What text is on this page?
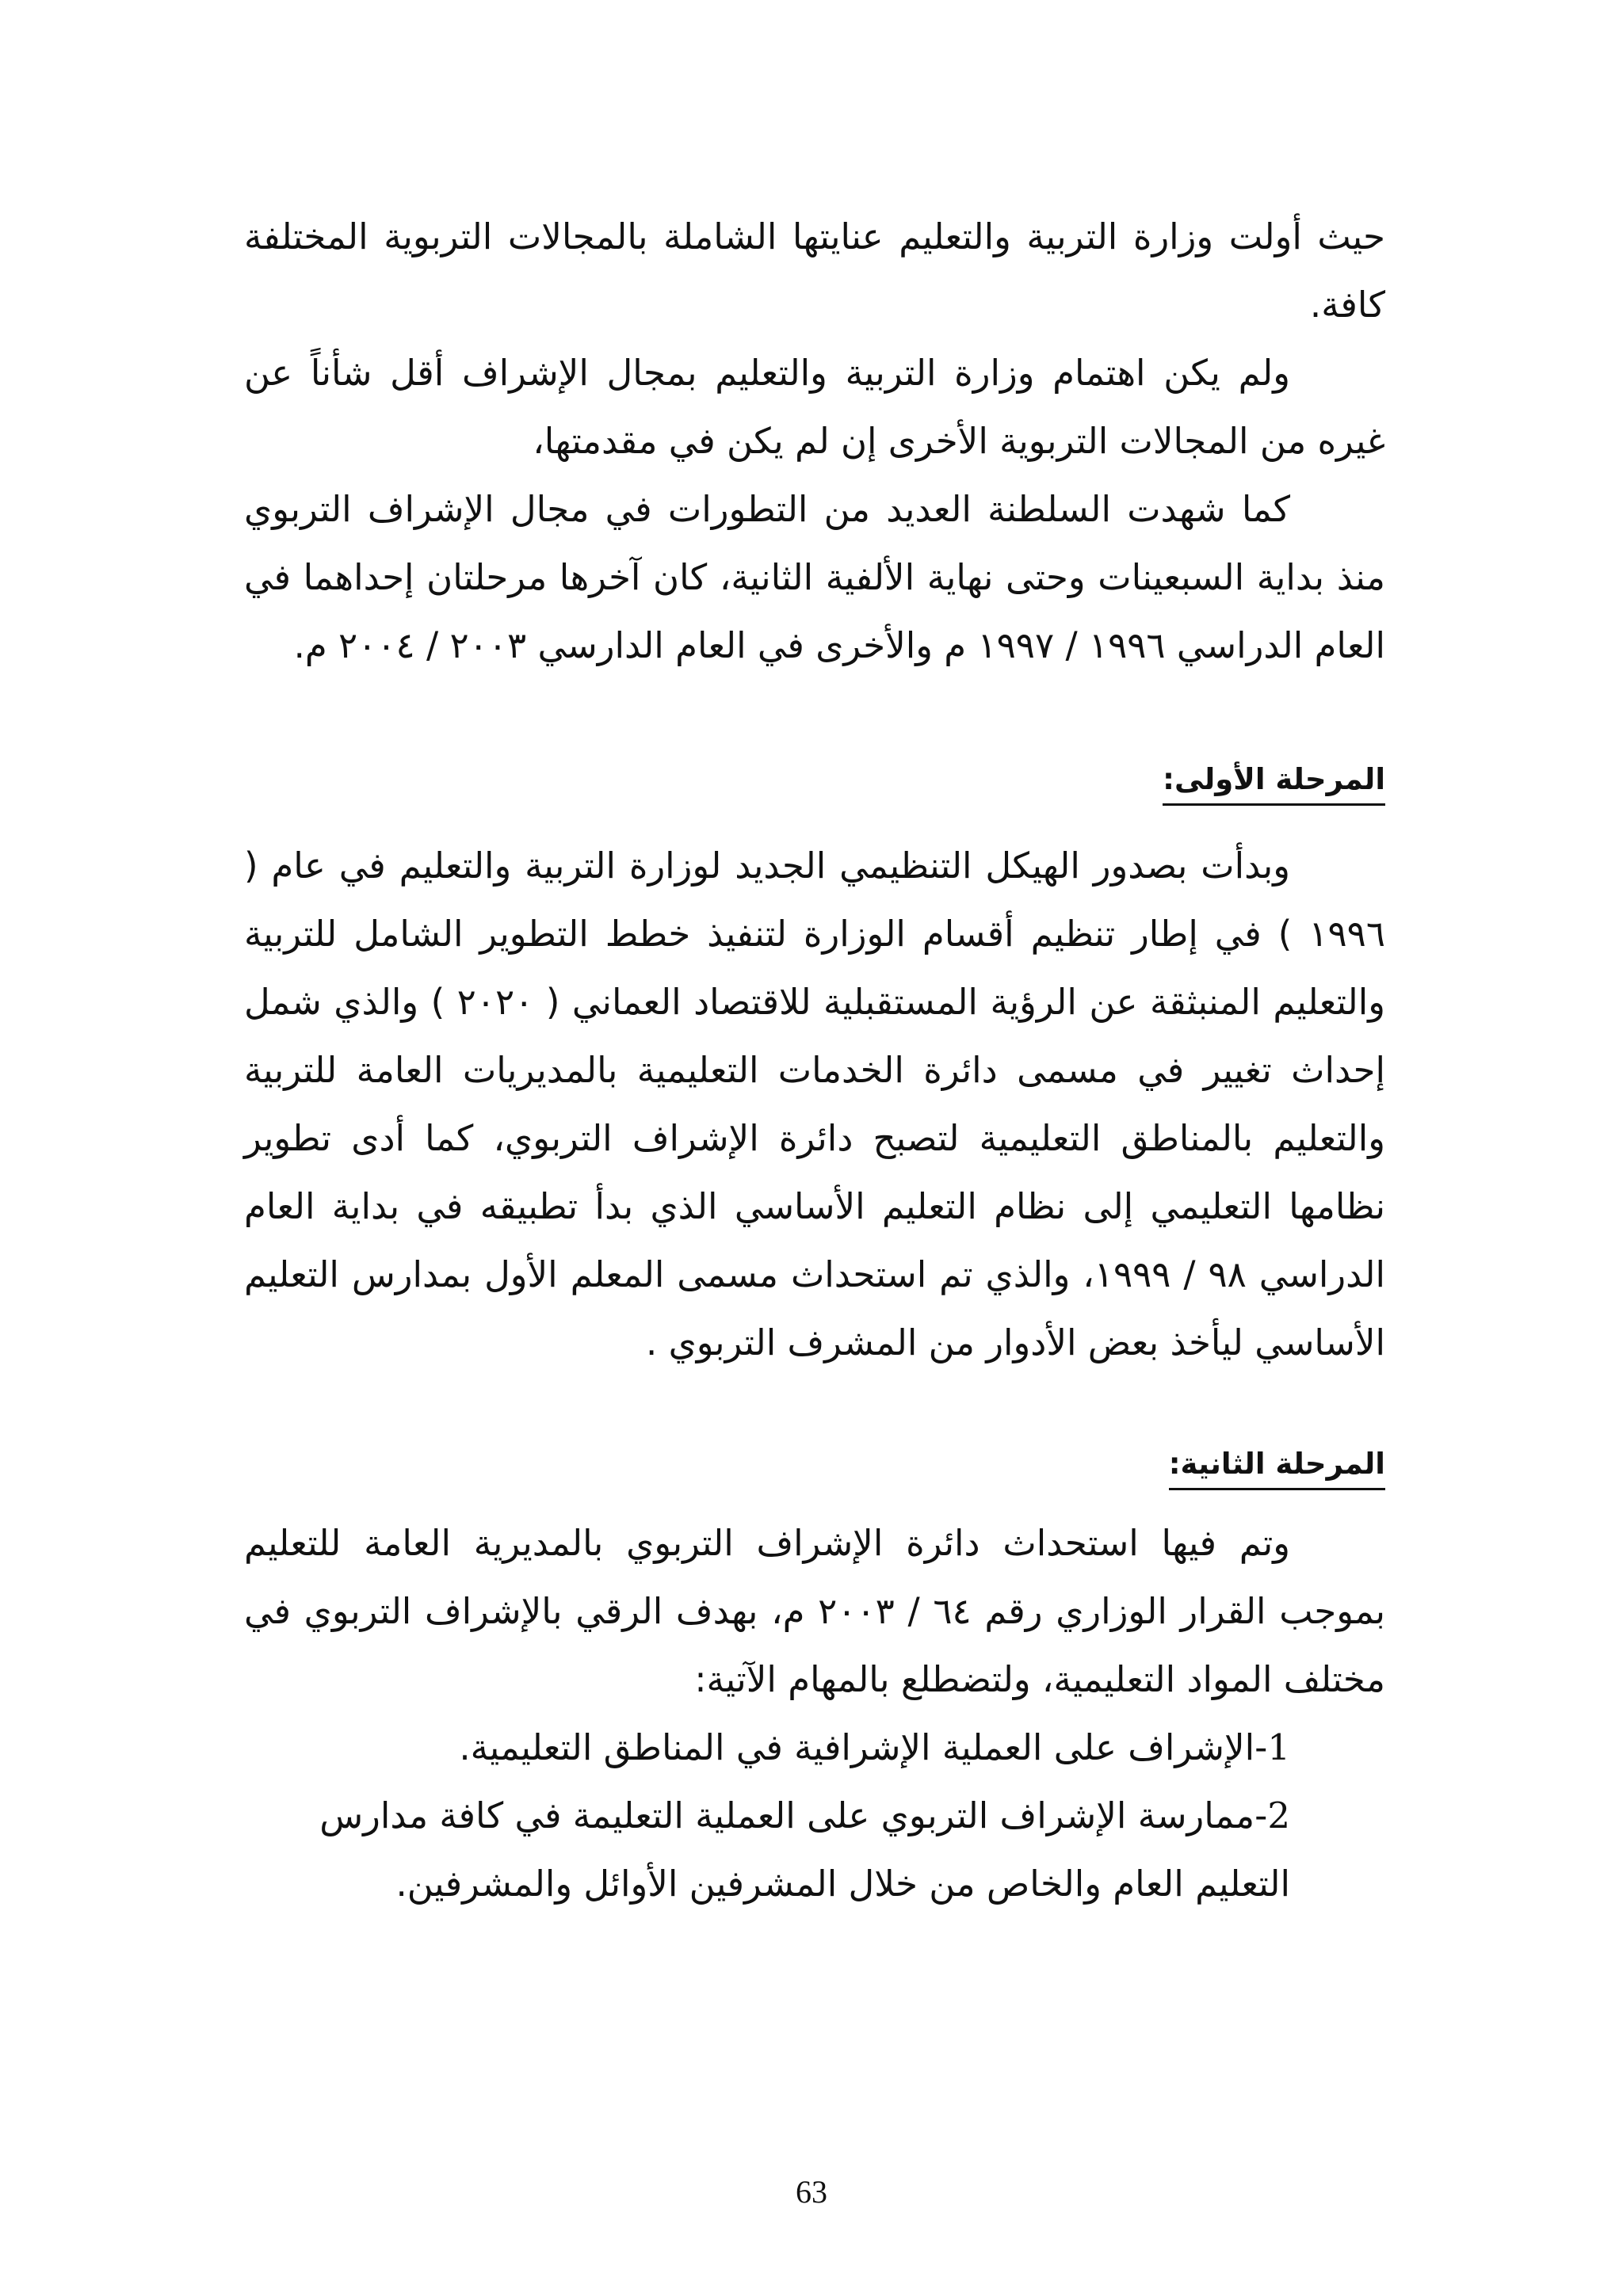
حيث أولت وزارة التربية والتعليم عنايتها الشاملة بالمجالات التربوية المختلفة كافة.

ولم يكن اهتمام وزارة التربية والتعليم بمجال الإشراف أقل شأناً عن غيره من المجالات التربوية الأخرى إن لم يكن في مقدمتها،

كما شهدت السلطنة العديد من التطورات في مجال الإشراف التربوي منذ بداية السبعينات وحتى نهاية الألفية الثانية، كان آخرها مرحلتان إحداهما في العام الدراسي ١٩٩٦ / ١٩٩٧ م والأخرى في العام الدارسي ٢٠٠٣ / ٢٠٠٤ م.

المرحلة الأولى:

وبدأت بصدور الهيكل التنظيمي الجديد لوزارة التربية والتعليم في عام ( ١٩٩٦ ) في إطار تنظيم أقسام الوزارة لتنفيذ خطط التطوير الشامل للتربية والتعليم المنبثقة عن الرؤية المستقبلية للاقتصاد العماني ( ٢٠٢٠ ) والذي شمل إحداث تغيير في مسمى دائرة الخدمات التعليمية بالمديريات العامة للتربية والتعليم بالمناطق التعليمية لتصبح دائرة الإشراف التربوي، كما أدى تطوير نظامها التعليمي إلى نظام التعليم الأساسي الذي بدأ تطبيقه في بداية العام الدراسي ٩٨ / ١٩٩٩، والذي تم استحداث مسمى المعلم الأول بمدارس التعليم الأساسي ليأخذ بعض الأدوار من المشرف التربوي .

المرحلة الثانية:

وتم فيها استحداث دائرة الإشراف التربوي بالمديرية العامة للتعليم بموجب القرار الوزاري رقم ٦٤ / ٢٠٠٣ م، بهدف الرقي بالإشراف التربوي في مختلف المواد التعليمية، ولتضطلع بالمهام الآتية:

1-الإشراف على العملية الإشرافية في المناطق التعليمية.

2-ممارسة الإشراف التربوي على العملية التعليمة في كافة مدارس التعليم العام والخاص من خلال المشرفين الأوائل والمشرفين.

63
